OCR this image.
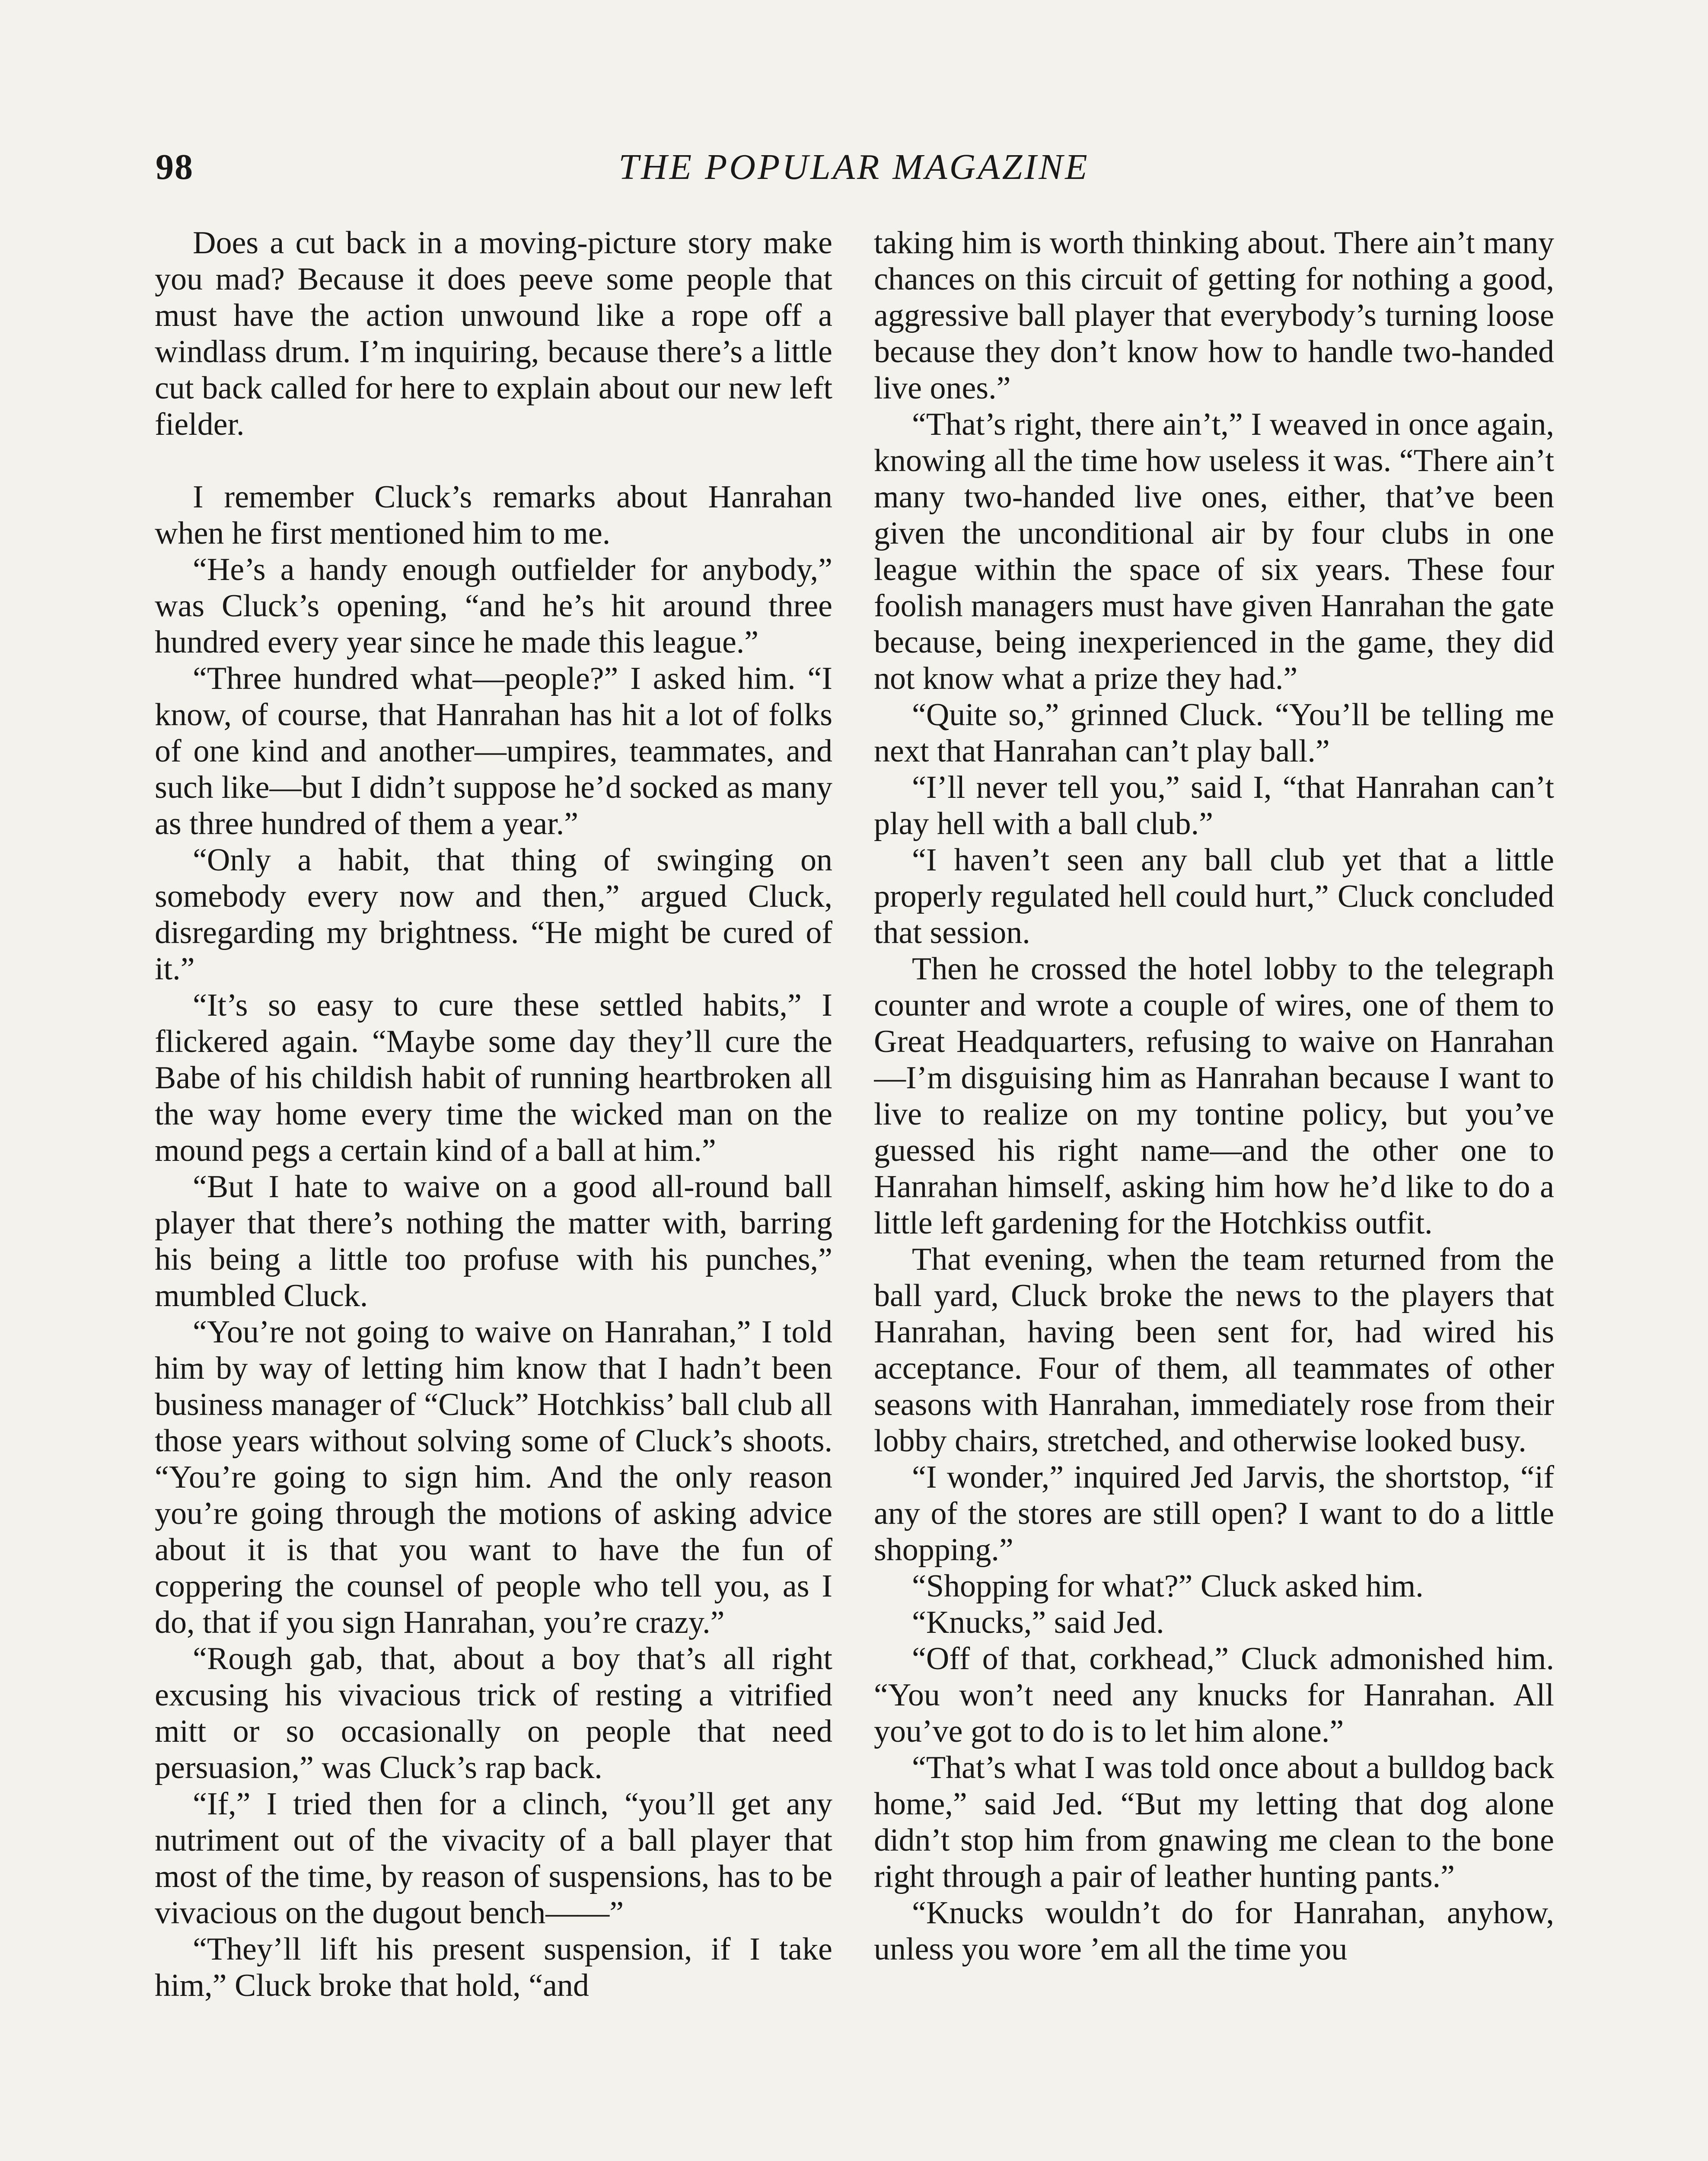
98	THE POPULAR MAGAZINE

Does a cut back in a moving-picture story make you mad? Because it does peeve some people that must have the action unwound like a rope off a windlass drum. I’m inquiring, because there’s a little cut back called for here to explain about our new left fielder.

I remember Cluck’s remarks about Hanrahan when he first mentioned him to me.

“He’s a handy enough outfielder for anybody,” was Cluck’s opening, “and he’s hit around three hundred every year since he made this league.”

“Three hundred what—people?” I asked him. “I know, of course, that Hanrahan has hit a lot of folks of one kind and another—umpires, teammates, and such like—but I didn’t suppose he’d socked as many as three hundred of them a year.”

“Only a habit, that thing of swinging on somebody every now and then,” argued Cluck, disregarding my brightness. “He might be cured of it.”

“It’s so easy to cure these settled habits,” I flickered again. “Maybe some day they’ll cure the Babe of his childish habit of running heartbroken all the way home every time the wicked man on the mound pegs a certain kind of a ball at him.”

“But I hate to waive on a good all-round ball player that there’s nothing the matter with, barring his being a little too profuse with his punches,” mumbled Cluck.

“You’re not going to waive on Hanrahan,” I told him by way of letting him know that I hadn’t been business manager of “Cluck” Hotchkiss’ ball club all those years without solving some of Cluck’s shoots. “You’re going to sign him. And the only reason you’re going through the motions of asking advice about it is that you want to have the fun of coppering the counsel of people who tell you, as I do, that if you sign Hanrahan, you’re crazy.”

“Rough gab, that, about a boy that’s all right excusing his vivacious trick of resting a vitrified mitt or so occasionally on people that need persuasion,” was Cluck’s rap back.

“If,” I tried then for a clinch, “you’ll get any nutriment out of the vivacity of a ball player that most of the time, by reason of suspensions, has to be vivacious on the dugout bench——”

“They’ll lift his present suspension, if I take him,” Cluck broke that hold, “and

taking him is worth thinking about. There ain’t many chances on this circuit of getting for nothing a good, aggressive ball player that everybody’s turning loose because they don’t know how to handle two-handed live ones.”

“That’s right, there ain’t,” I weaved in once again, knowing all the time how useless it was. “There ain’t many two-handed live ones, either, that’ve been given the unconditional air by four clubs in one league within the space of six years. These four foolish managers must have given Hanrahan the gate because, being inexperienced in the game, they did not know what a prize they had.”

“Quite so,” grinned Cluck. “You’ll be telling me next that Hanrahan can’t play ball.”

“I’ll never tell you,” said I, “that Hanrahan can’t play hell with a ball club.”

“I haven’t seen any ball club yet that a little properly regulated hell could hurt,” Cluck concluded that session.

Then he crossed the hotel lobby to the telegraph counter and wrote a couple of wires, one of them to Great Headquarters, refusing to waive on Hanrahan—I’m disguising him as Hanrahan because I want to live to realize on my tontine policy, but you’ve guessed his right name—and the other one to Hanrahan himself, asking him how he’d like to do a little left gardening for the Hotchkiss outfit.

That evening, when the team returned from the ball yard, Cluck broke the news to the players that Hanrahan, having been sent for, had wired his acceptance. Four of them, all teammates of other seasons with Hanrahan, immediately rose from their lobby chairs, stretched, and otherwise looked busy.

“I wonder,” inquired Jed Jarvis, the shortstop, “if any of the stores are still open? I want to do a little shopping.”

“Shopping for what?” Cluck asked him.

“Knucks,” said Jed.

“Off of that, corkhead,” Cluck admonished him. “You won’t need any knucks for Hanrahan. All you’ve got to do is to let him alone.”

“That’s what I was told once about a bulldog back home,” said Jed. “But my letting that dog alone didn’t stop him from gnawing me clean to the bone right through a pair of leather hunting pants.”

“Knucks wouldn’t do for Hanrahan, anyhow, unless you wore ’em all the time you
